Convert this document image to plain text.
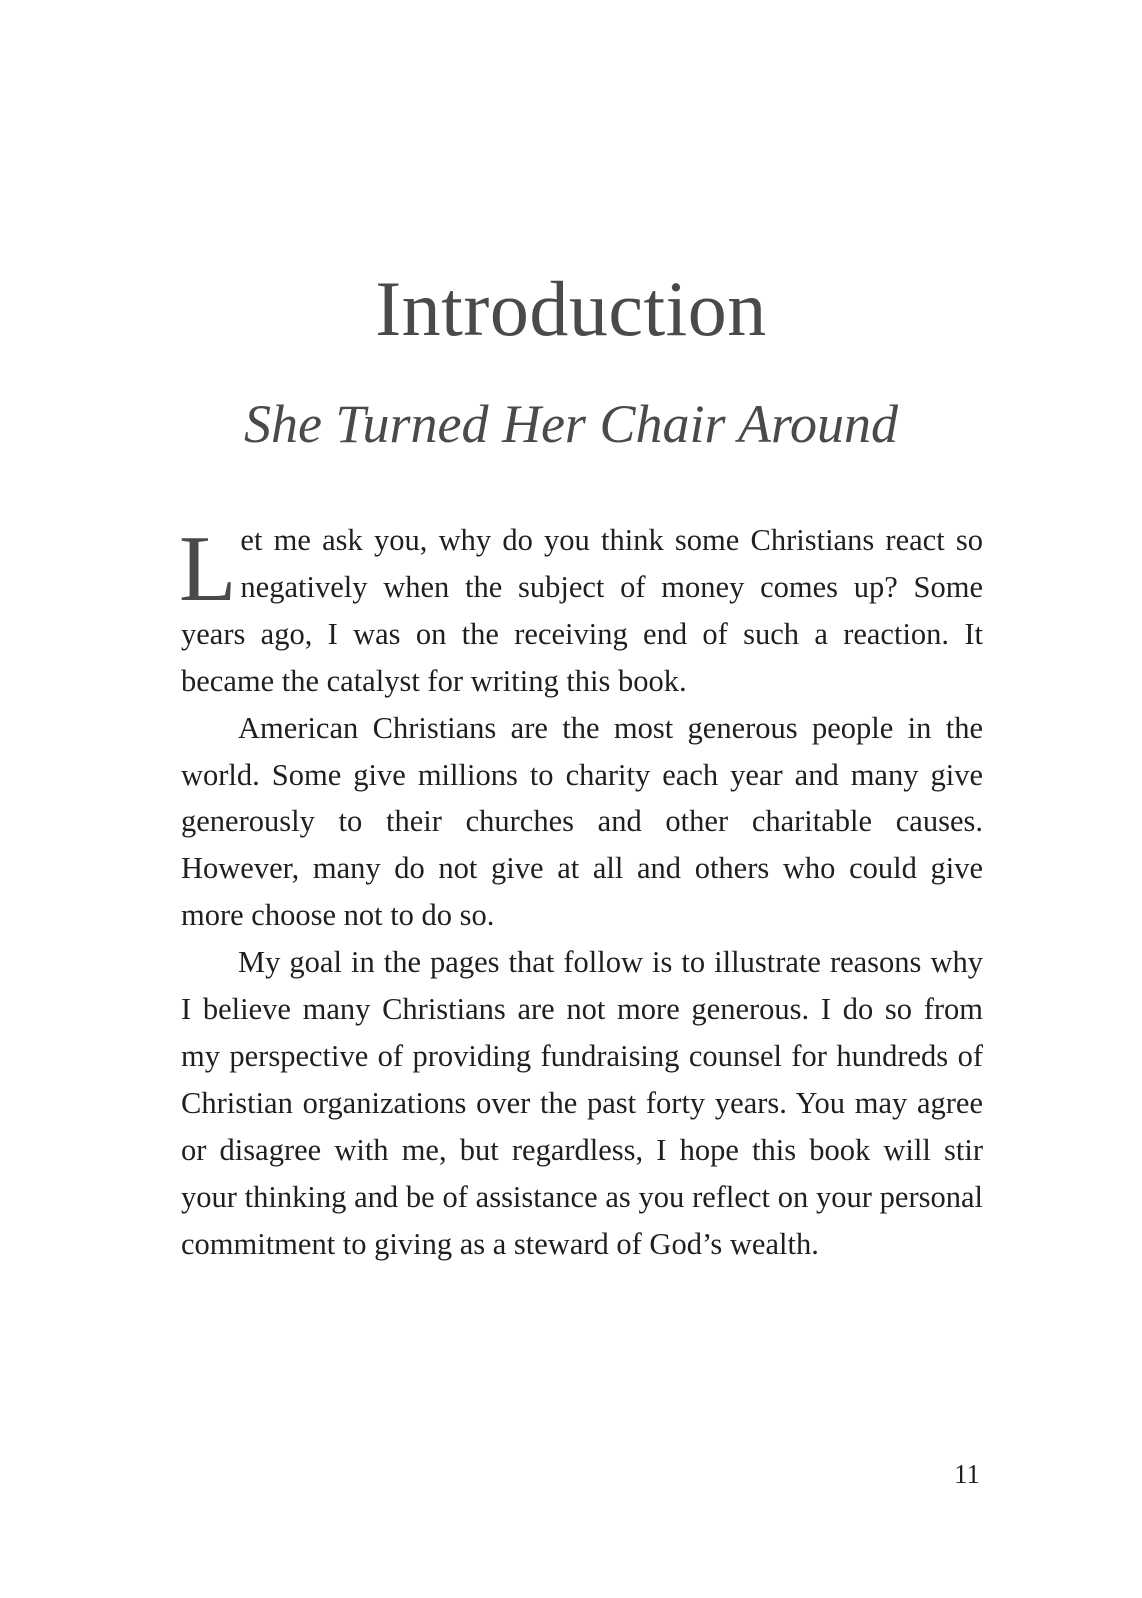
Introduction
She Turned Her Chair Around

Let me ask you, why do you think some Christians react so negatively when the subject of money comes up? Some years ago, I was on the receiving end of such a reaction. It became the catalyst for writing this book.

American Christians are the most generous people in the world. Some give millions to charity each year and many give generously to their churches and other charitable causes. However, many do not give at all and others who could give more choose not to do so.

My goal in the pages that follow is to illustrate reasons why I believe many Christians are not more generous. I do so from my perspective of providing fundraising counsel for hundreds of Christian organizations over the past forty years. You may agree or disagree with me, but regardless, I hope this book will stir your thinking and be of assistance as you reflect on your personal commitment to giving as a steward of God’s wealth.

11
